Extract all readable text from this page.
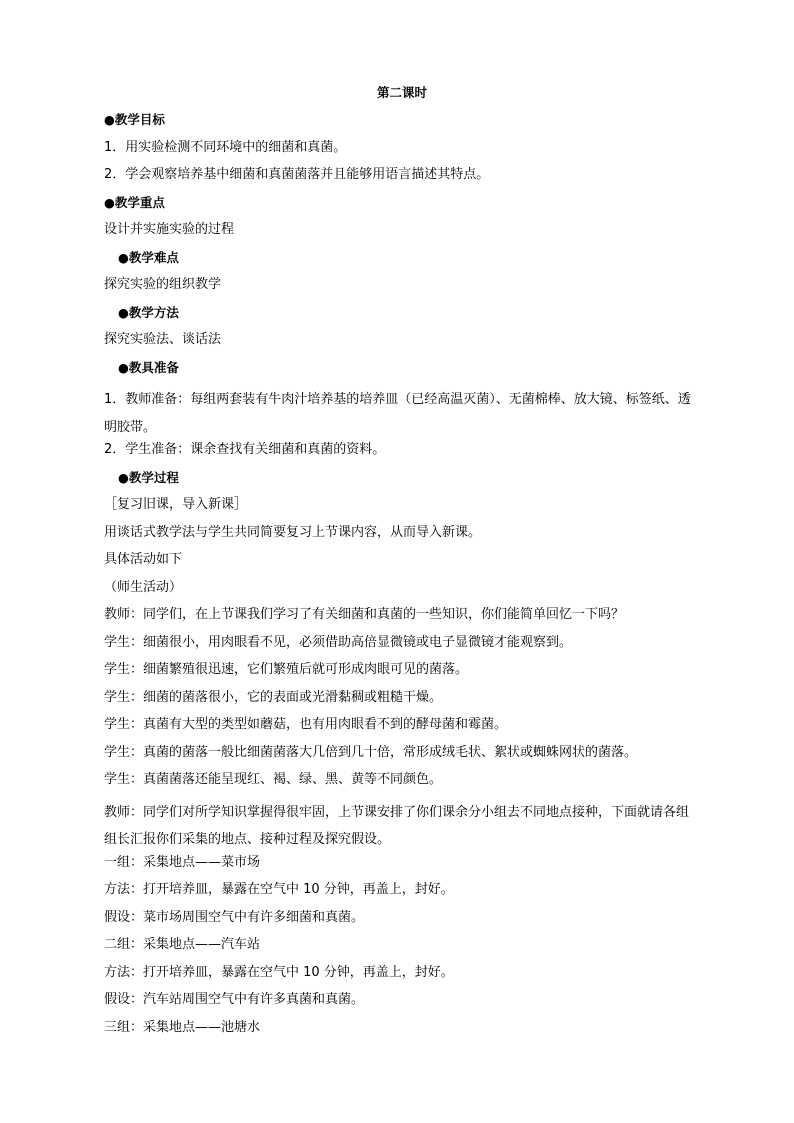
第二课时
●教学目标
1．用实验检测不同环境中的细菌和真菌。
2．学会观察培养基中细菌和真菌菌落并且能够用语言描述其特点。
●教学重点
设计并实施实验的过程
●教学难点
探究实验的组织教学
●教学方法
探究实验法、谈话法
●教具准备
1．教师准备：每组两套装有牛肉汁培养基的培养皿（已经高温灭菌）、无菌棉棒、放大镜、标签纸、透明胶带。
2．学生准备：课余查找有关细菌和真菌的资料。
●教学过程
［复习旧课，导入新课］
用谈话式教学法与学生共同简要复习上节课内容，从而导入新课。
具体活动如下
（师生活动）
教师：同学们，在上节课我们学习了有关细菌和真菌的一些知识，你们能简单回忆一下吗？
学生：细菌很小，用肉眼看不见，必须借助高倍显微镜或电子显微镜才能观察到。
学生：细菌繁殖很迅速，它们繁殖后就可形成肉眼可见的菌落。
学生：细菌的菌落很小，它的表面或光滑黏稠或粗糙干燥。
学生：真菌有大型的类型如蘑菇，也有用肉眼看不到的酵母菌和霉菌。
学生：真菌的菌落一般比细菌菌落大几倍到几十倍，常形成绒毛状、絮状或蜘蛛网状的菌落。
学生：真菌菌落还能呈现红、褐、绿、黑、黄等不同颜色。
教师：同学们对所学知识掌握得很牢固，上节课安排了你们课余分小组去不同地点接种，下面就请各组组长汇报你们采集的地点、接种过程及探究假设。
一组：采集地点——菜市场
方法：打开培养皿，暴露在空气中 10 分钟，再盖上，封好。
假设：菜市场周围空气中有许多细菌和真菌。
二组：采集地点——汽车站
方法：打开培养皿，暴露在空气中 10 分钟，再盖上，封好。
假设：汽车站周围空气中有许多真菌和真菌。
三组：采集地点——池塘水
